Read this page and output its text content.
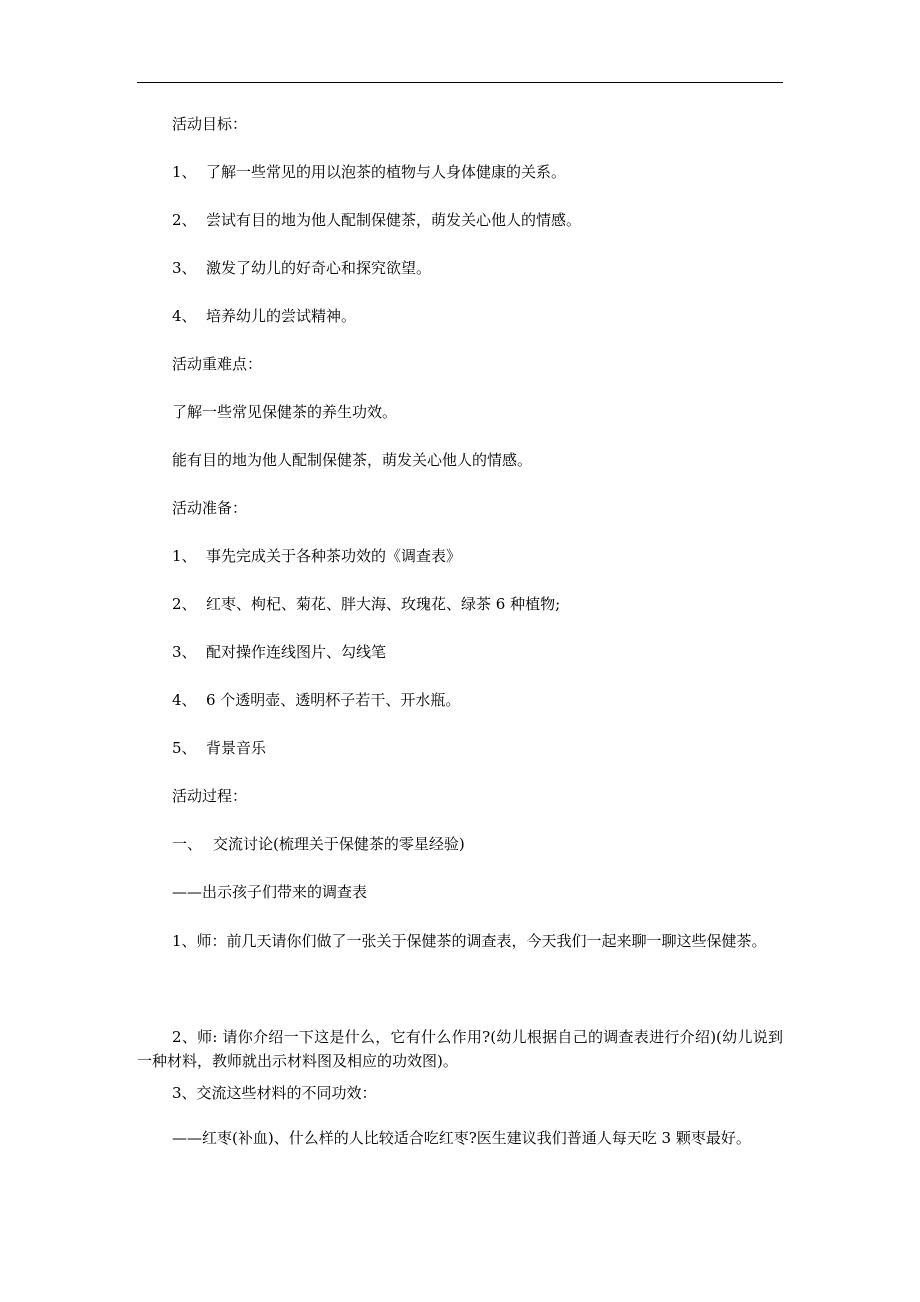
活动目标：
1、 了解一些常见的用以泡茶的植物与人身体健康的关系。
2、 尝试有目的地为他人配制保健茶，萌发关心他人的情感。
3、 激发了幼儿的好奇心和探究欲望。
4、 培养幼儿的尝试精神。
活动重难点：
了解一些常见保健茶的养生功效。
能有目的地为他人配制保健茶，萌发关心他人的情感。
活动准备：
1、 事先完成关于各种茶功效的《调查表》
2、 红枣、枸杞、菊花、胖大海、玫瑰花、绿茶 6 种植物;
3、 配对操作连线图片、勾线笔
4、 6 个透明壶、透明杯子若干、开水瓶。
5、 背景音乐
活动过程：
一、 交流讨论(梳理关于保健茶的零星经验)
——出示孩子们带来的调查表
1、师：前几天请你们做了一张关于保健茶的调查表，今天我们一起来聊一聊这些保健茶。
2、师: 请你介绍一下这是什么，它有什么作用?(幼儿根据自己的调查表进行介绍)(幼儿说到一种材料，教师就出示材料图及相应的功效图)。
3、交流这些材料的不同功效：
——红枣(补血)、什么样的人比较适合吃红枣?医生建议我们普通人每天吃 3 颗枣最好。
